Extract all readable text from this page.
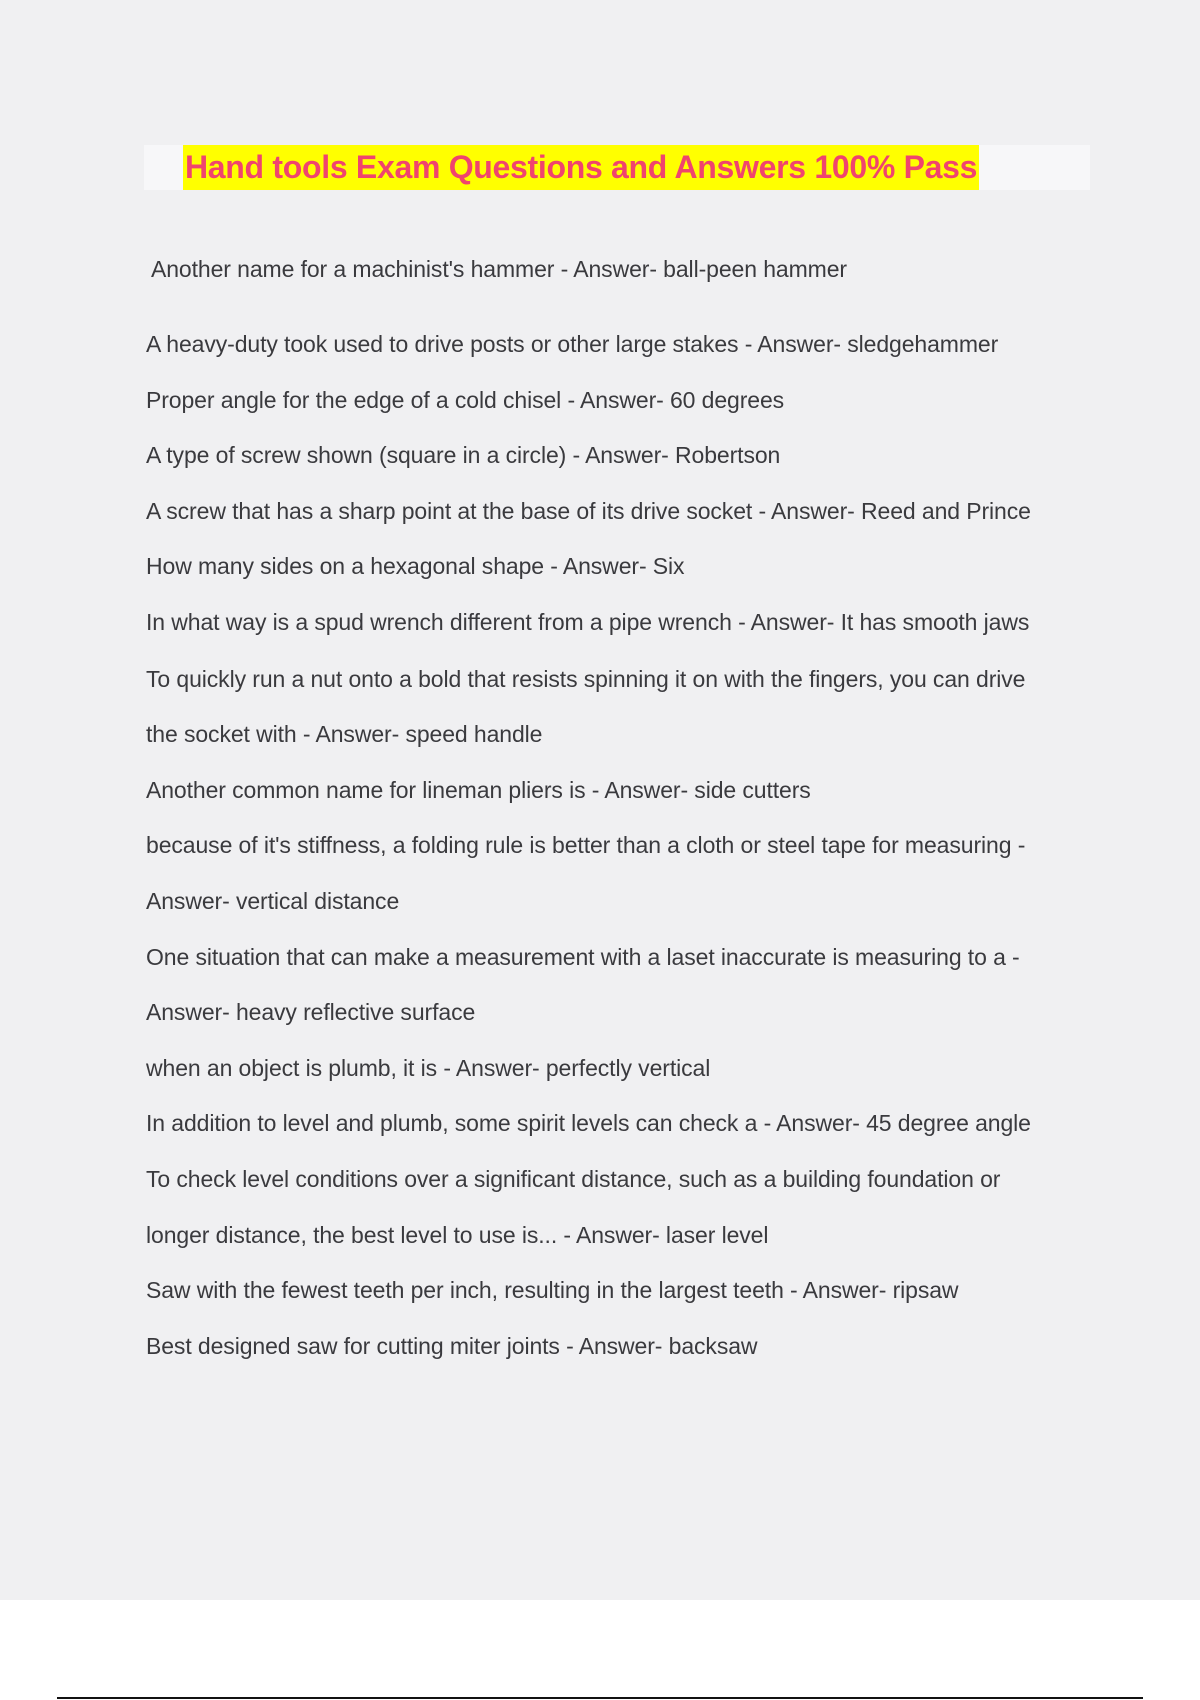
Hand tools Exam Questions and Answers 100% Pass
Another name for a machinist's hammer - Answer- ball-peen hammer
A heavy-duty took used to drive posts or other large stakes - Answer- sledgehammer
Proper angle for the edge of a cold chisel - Answer- 60 degrees
A type of screw shown (square in a circle) - Answer- Robertson
A screw that has a sharp point at the base of its drive socket - Answer- Reed and Prince
How many sides on a hexagonal shape - Answer- Six
In what way is a spud wrench different from a pipe wrench - Answer- It has smooth jaws
To quickly run a nut onto a bold that resists spinning it on with the fingers, you can drive
the socket with - Answer- speed handle
Another common name for lineman pliers is - Answer- side cutters
because of it's stiffness, a folding rule is better than a cloth or steel tape for measuring -
Answer- vertical distance
One situation that can make a measurement with a laset inaccurate is measuring to a -
Answer- heavy reflective surface
when an object is plumb, it is - Answer- perfectly vertical
In addition to level and plumb, some spirit levels can check a - Answer- 45 degree angle
To check level conditions over a significant distance, such as a building foundation or
longer distance, the best level to use is... - Answer- laser level
Saw with the fewest teeth per inch, resulting in the largest teeth - Answer- ripsaw
Best designed saw for cutting miter joints - Answer- backsaw
